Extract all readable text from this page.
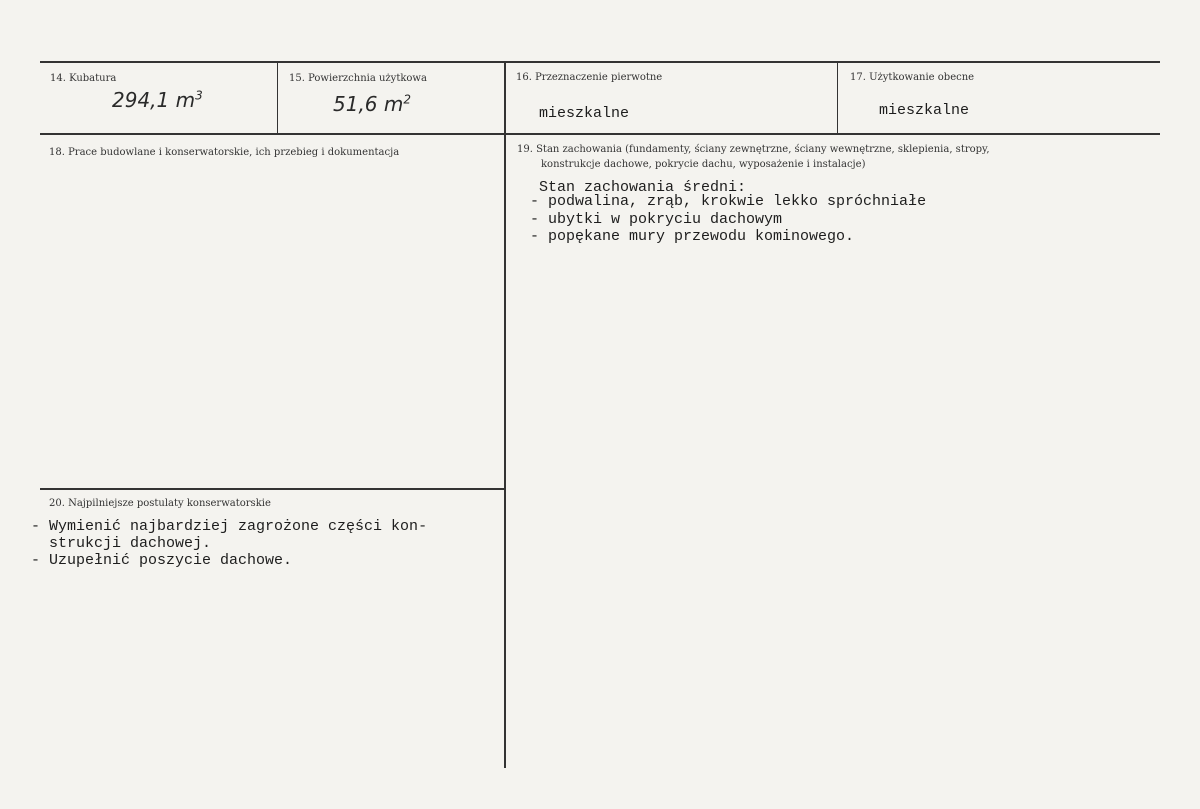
14. Kubatura
294,1 $m^3$
15. Powierzchnia użytkowa
51,6 $m^2$
16. Przeznaczenie pierwotne
mieszkalne
17. Użytkowanie obecne
mieszkalne
18. Prace budowlane i konserwatorskie, ich przebieg i dokumentacja	19. Stan zachowania (fundamenty, ściany zewnętrzne, ściany wewnętrzne, sklepienia, stropy,
konstrukcje dachowe, pokrycie dachu, wyposażenie i instalacje)
Stan zachowania średni:
- podwalina, zrąb, krokwie lekko spróchniałe
- ubytki w pokryciu dachowym
- popękane mury przewodu kominowego.
20. Najpilniejsze postulaty konserwatorskie
- Wymienić najbardziej zagrożone części kon-
strukcji dachowej.
- Uzupełnić poszycie dachowe.
